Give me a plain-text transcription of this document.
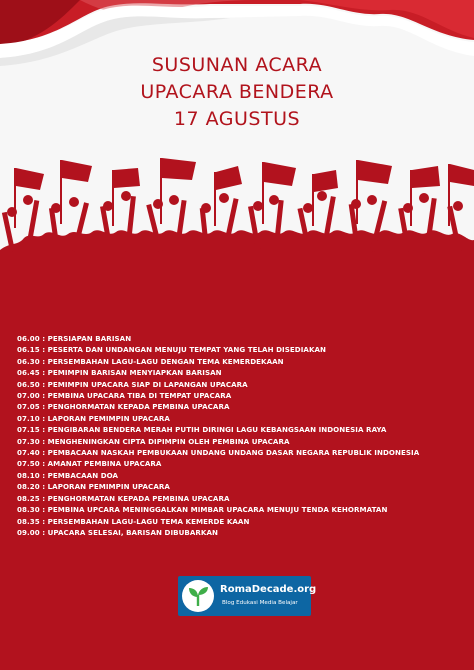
SUSUNAN ACARA
UPACARA BENDERA
17 AGUSTUS
06.00 : PERSIAPAN BARISAN
06.15 : PESERTA DAN UNDANGAN MENUJU TEMPAT YANG TELAH DISEDIAKAN
06.30 : PERSEMBAHAN LAGU-LAGU DENGAN TEMA KEMERDEKAAN
06.45 : PEMIMPIN BARISAN MENYIAPKAN BARISAN
06.50 : PEMIMPIN UPACARA SIAP DI LAPANGAN UPACARA
07.00 : PEMBINA UPACARA TIBA DI TEMPAT UPACARA
07.05 : PENGHORMATAN KEPADA PEMBINA UPACARA
07.10 : LAPORAN PEMIMPIN UPACARA
07.15 : PENGIBARAN BENDERA MERAH PUTIH DIRINGI LAGU KEBANGSAAN INDONESIA RAYA
07.30 : MENGHENINGKAN CIPTA DIPIMPIN OLEH PEMBINA UPACARA
07.40 : PEMBACAAN NASKAH PEMBUKAAN UNDANG UNDANG DASAR NEGARA REPUBLIK INDONESIA
07.50 : AMANAT PEMBINA UPACARA
08.10 : PEMBACAAN DOA
08.20 : LAPORAN PEMIMPIN UPACARA
08.25 : PENGHORMATAN KEPADA PEMBINA UPACARA
08.30 : PEMBINA UPCARA MENINGGALKAN MIMBAR UPACARA MENUJU TENDA KEHORMATAN
08.35 : PERSEMBAHAN LAGU-LAGU TEMA KEMERDE KAAN
09.00 : UPACARA SELESAI, BARISAN DIBUBARKAN
RomaDecade.org
Blog Edukasi Media Belajar
